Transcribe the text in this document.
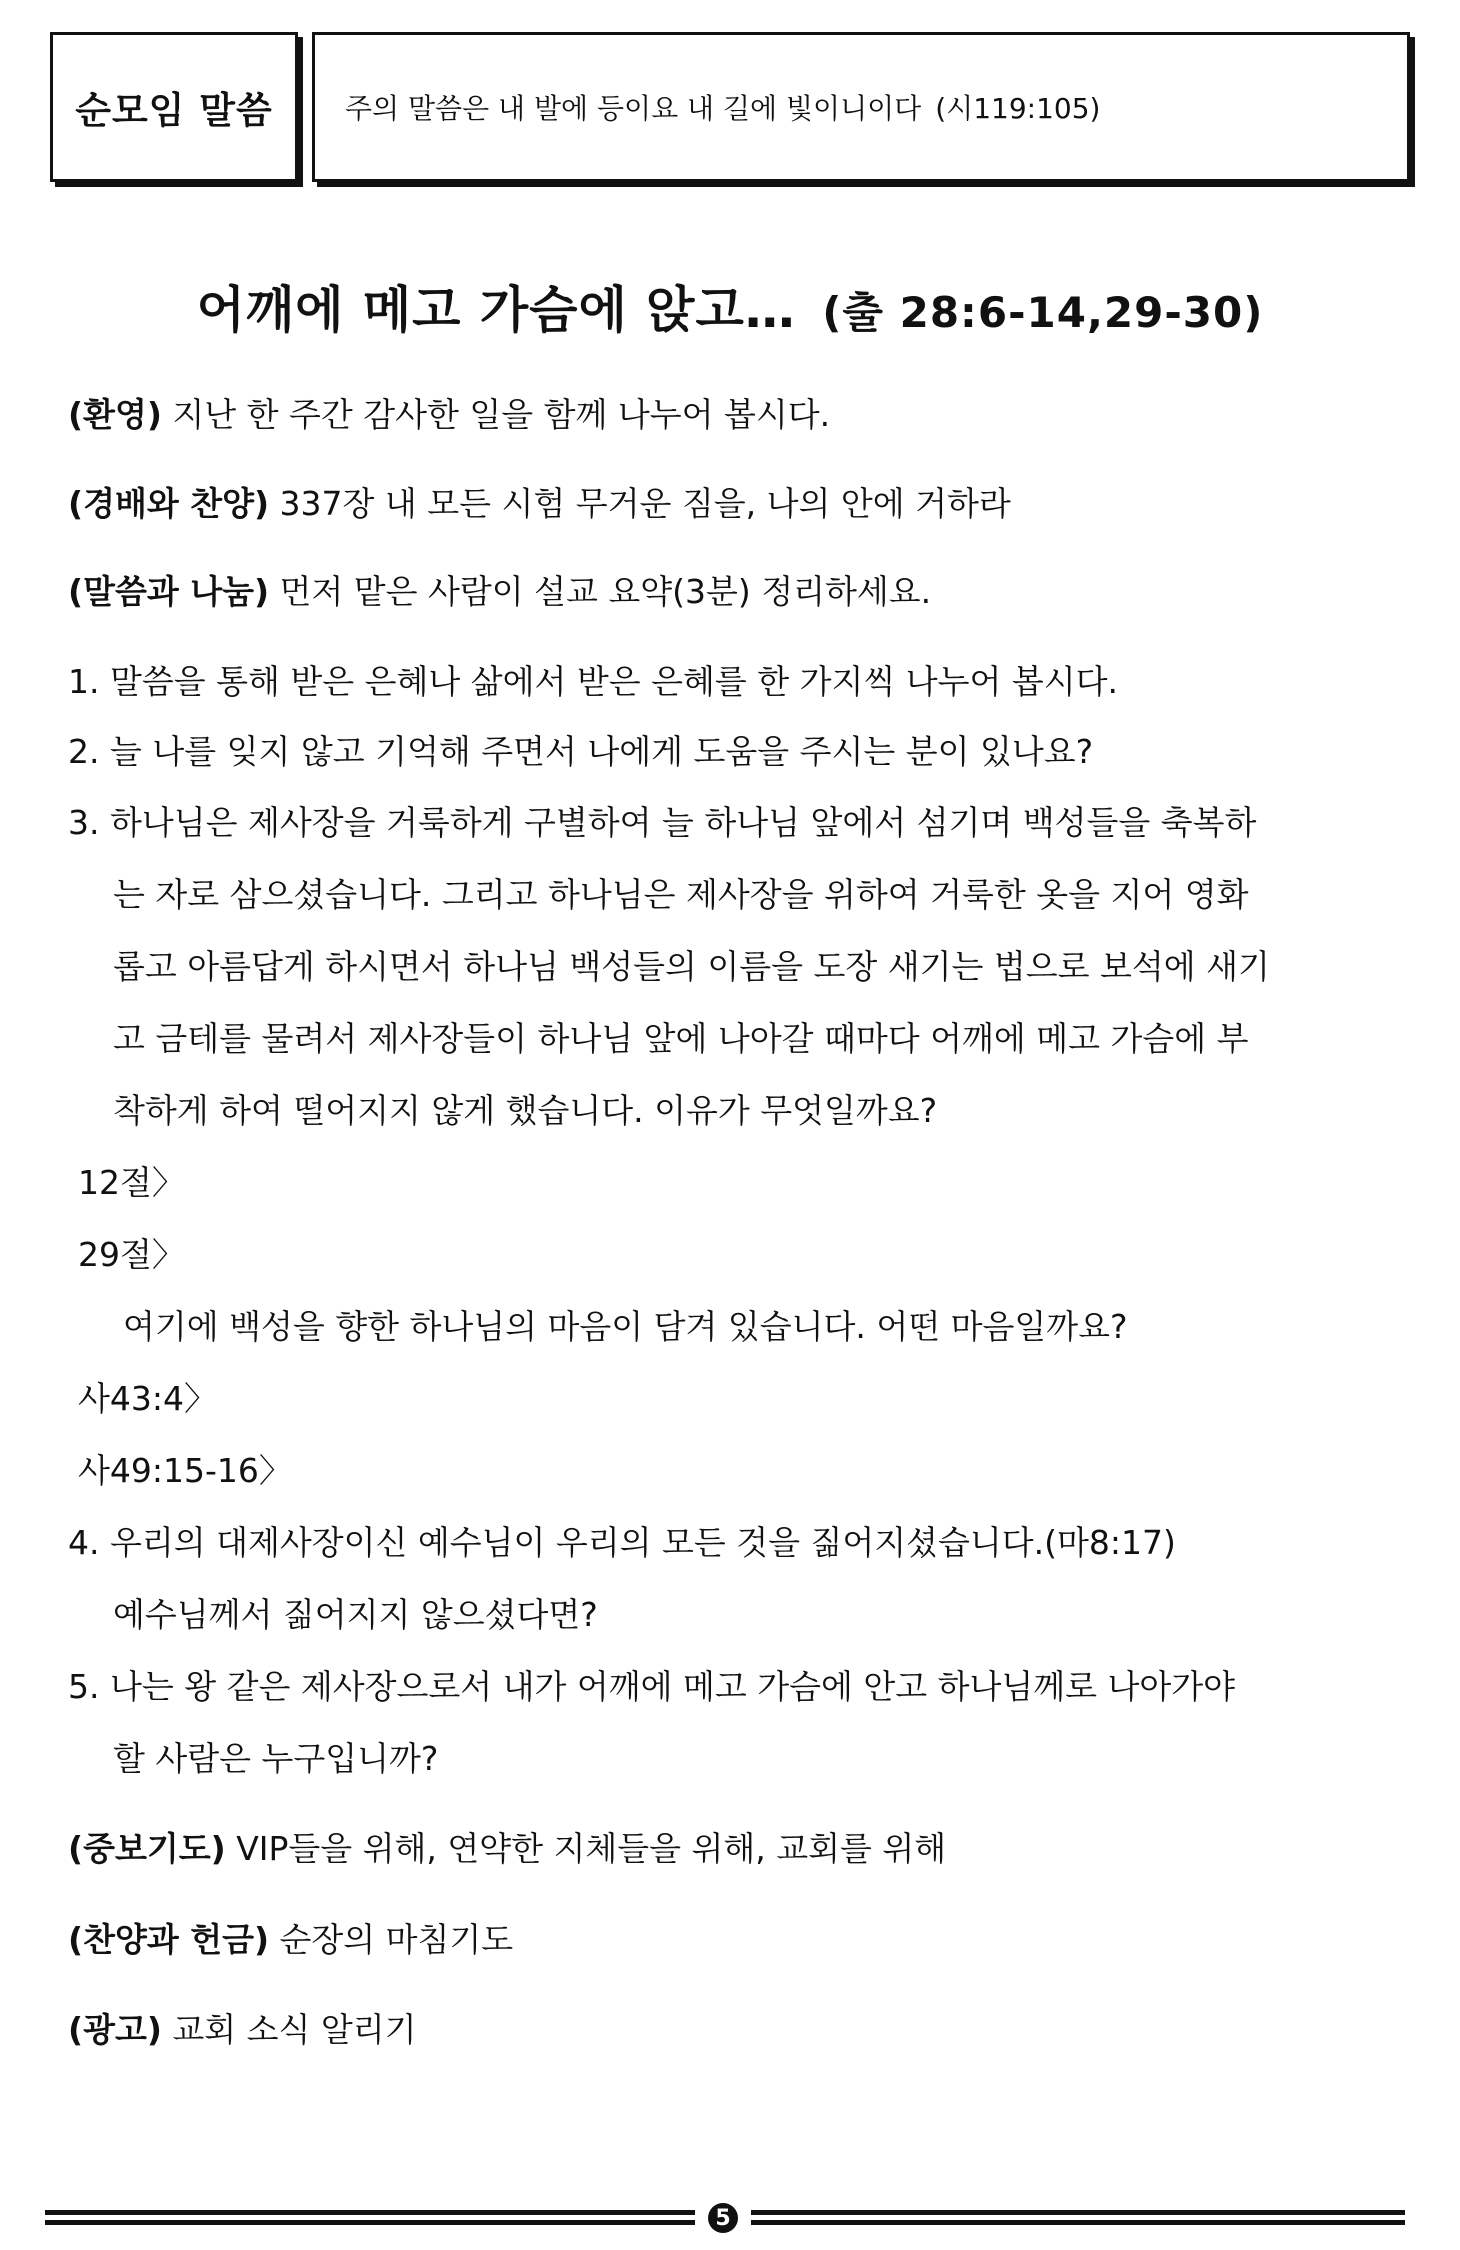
순모임 말씀	주의 말씀은 내 발에 등이요 내 길에 빛이니이다 (시119:105)
어깨에 메고 가슴에 앉고… (출 28:6-14,29-30)
(환영) 지난 한 주간 감사한 일을 함께 나누어 봅시다.
(경배와 찬양) 337장 내 모든 시험 무거운 짐을, 나의 안에 거하라
(말씀과 나눔) 먼저 맡은 사람이 설교 요약(3분) 정리하세요.
1. 말씀을 통해 받은 은혜나 삶에서 받은 은혜를 한 가지씩 나누어 봅시다.
2. 늘 나를 잊지 않고 기억해 주면서 나에게 도움을 주시는 분이 있나요?
3. 하나님은 제사장을 거룩하게 구별하여 늘 하나님 앞에서 섬기며 백성들을 축복하
는 자로 삼으셨습니다. 그리고 하나님은 제사장을 위하여 거룩한 옷을 지어 영화
롭고 아름답게 하시면서 하나님 백성들의 이름을 도장 새기는 법으로 보석에 새기
고 금테를 물려서 제사장들이 하나님 앞에 나아갈 때마다 어깨에 메고 가슴에 부
착하게 하여 떨어지지 않게 했습니다. 이유가 무엇일까요?
12절〉
29절〉
여기에 백성을 향한 하나님의 마음이 담겨 있습니다. 어떤 마음일까요?
사43:4〉
사49:15-16〉
4. 우리의 대제사장이신 예수님이 우리의 모든 것을 짊어지셨습니다.(마8:17)
예수님께서 짊어지지 않으셨다면?
5. 나는 왕 같은 제사장으로서 내가 어깨에 메고 가슴에 안고 하나님께로 나아가야
할 사람은 누구입니까?
(중보기도) VIP들을 위해, 연약한 지체들을 위해, 교회를 위해
(찬양과 헌금) 순장의 마침기도
(광고) 교회 소식 알리기
5
